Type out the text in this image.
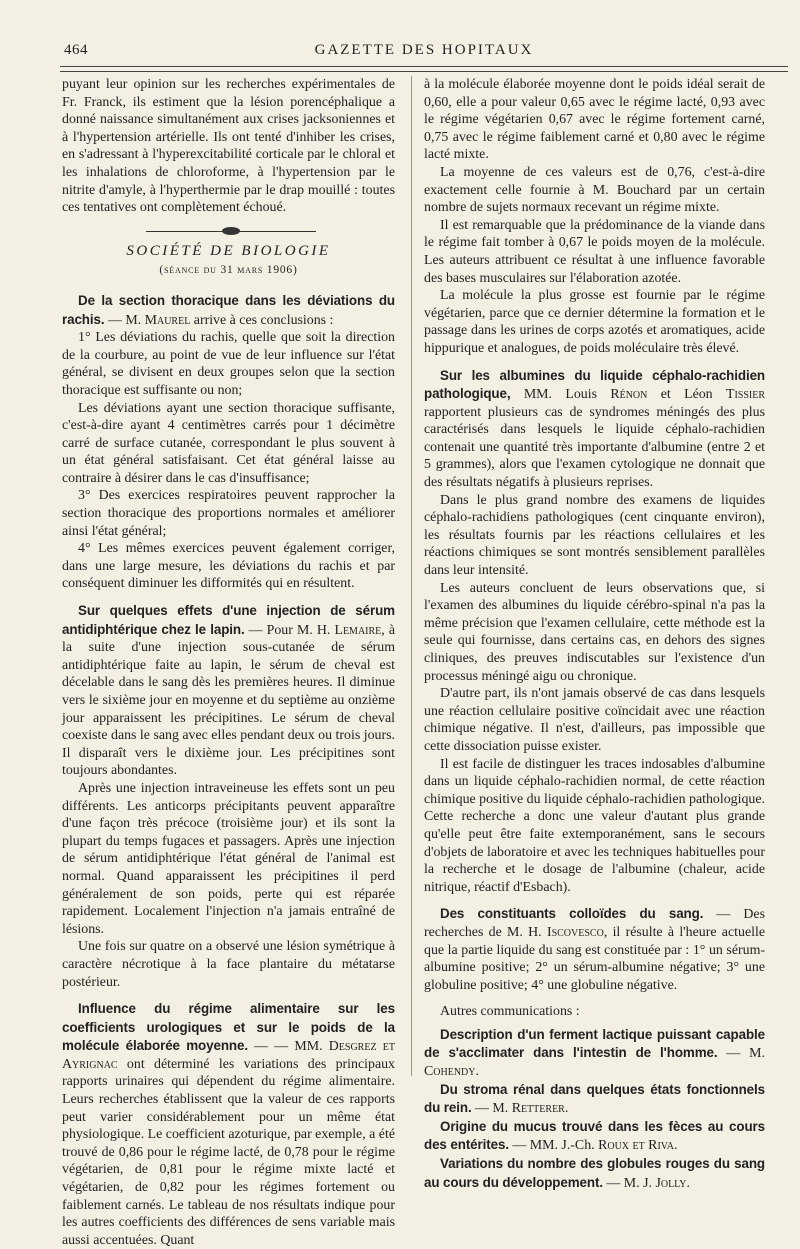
464	GAZETTE DES HOPITAUX

puyant leur opinion sur les recherches expérimentales de Fr. Franck, ils estiment que la lésion porencéphalique a donné naissance simultanément aux crises jacksoniennes et à l'hypertension artérielle. Ils ont tenté d'inhiber les crises, en s'adressant à l'hyperexcitabilité corticale par le chloral et les inhalations de chloroforme, à l'hypertension par le nitrite d'amyle, à l'hyperthermie par le drap mouillé : toutes ces tentatives ont complètement échoué.

SOCIÉTÉ DE BIOLOGIE
(séance du 31 mars 1906)

De la section thoracique dans les déviations du rachis. — M. Maurel arrive à ces conclusions :

1° Les déviations du rachis, quelle que soit la direction de la courbure, au point de vue de leur influence sur l'état général, se divisent en deux groupes selon que la section thoracique est suffisante ou non;

Les déviations ayant une section thoracique suffisante, c'est-à-dire ayant 4 centimètres carrés pour 1 décimètre carré de surface cutanée, correspondant le plus souvent à un état général satisfaisant. Cet état général laisse au contraire à désirer dans le cas d'insuffisance;

3° Des exercices respiratoires peuvent rapprocher la section thoracique des proportions normales et améliorer ainsi l'état général;

4° Les mêmes exercices peuvent également corriger, dans une large mesure, les déviations du rachis et par conséquent diminuer les difformités qui en résultent.

Sur quelques effets d'une injection de sérum antidiphtérique chez le lapin. — Pour M. H. Lemaire, à la suite d'une injection sous-cutanée de sérum antidiphtérique faite au lapin, le sérum de cheval est décelable dans le sang dès les premières heures. Il diminue vers le sixième jour en moyenne et du septième au onzième jour apparaissent les précipitines. Le sérum de cheval coexiste dans le sang avec elles pendant deux ou trois jours. Il disparaît vers le dixième jour. Les précipitines sont toujours abondantes.

Après une injection intraveineuse les effets sont un peu différents. Les anticorps précipitants peuvent apparaître d'une façon très précoce (troisième jour) et ils sont la plupart du temps fugaces et passagers. Après une injection de sérum antidiphtérique l'état général de l'animal est normal. Quand apparaissent les précipitines il perd généralement de son poids, perte qui est réparée rapidement. Localement l'injection n'a jamais entraîné de lésions.

Une fois sur quatre on a observé une lésion symétrique à caractère nécrotique à la face plantaire du métatarse postérieur.

Influence du régime alimentaire sur les coefficients urologiques et sur le poids de la molécule élaborée moyenne. — — MM. Desgrez et Ayrignac ont déterminé les variations des principaux rapports urinaires qui dépendent du régime alimentaire. Leurs recherches établissent que la valeur de ces rapports peut varier considérablement pour un même état physiologique. Le coefficient azoturique, par exemple, a été trouvé de 0,86 pour le régime lacté, de 0,78 pour le régime végétarien, de 0,81 pour le régime mixte lacté et végétarien, de 0,82 pour les régimes fortement ou faiblement carnés. Le tableau de nos résultats indique pour les autres coefficients des différences de sens variable mais aussi accentuées. Quant

à la molécule élaborée moyenne dont le poids idéal serait de 0,60, elle a pour valeur 0,65 avec le régime lacté, 0,93 avec le régime végétarien 0,67 avec le régime fortement carné, 0,75 avec le régime faiblement carné et 0,80 avec le régime lacté mixte.

La moyenne de ces valeurs est de 0,76, c'est-à-dire exactement celle fournie à M. Bouchard par un certain nombre de sujets normaux recevant un régime mixte.

Il est remarquable que la prédominance de la viande dans le régime fait tomber à 0,67 le poids moyen de la molécule. Les auteurs attribuent ce résultat à une influence favorable des bases musculaires sur l'élaboration azotée.

La molécule la plus grosse est fournie par le régime végétarien, parce que ce dernier détermine la formation et le passage dans les urines de corps azotés et aromatiques, acide hippurique et analogues, de poids moléculaire très élevé.

Sur les albumines du liquide céphalo-rachidien pathologique, MM. Louis Rénon et Léon Tissier rapportent plusieurs cas de syndromes méningés des plus caractérisés dans lesquels le liquide céphalo-rachidien contenait une quantité très importante d'albumine (entre 2 et 5 grammes), alors que l'examen cytologique ne donnait que des résultats négatifs à plusieurs reprises.

Dans le plus grand nombre des examens de liquides céphalo-rachidiens pathologiques (cent cinquante environ), les résultats fournis par les réactions cellulaires et les réactions chimiques se sont montrés sensiblement parallèles dans leur intensité.

Les auteurs concluent de leurs observations que, si l'examen des albumines du liquide cérébro-spinal n'a pas la même précision que l'examen cellulaire, cette méthode est la seule qui fournisse, dans certains cas, en dehors des signes cliniques, des preuves indiscutables sur l'existence d'un processus méningé aigu ou chronique.

D'autre part, ils n'ont jamais observé de cas dans lesquels une réaction cellulaire positive coïncidait avec une réaction chimique négative. Il n'est, d'ailleurs, pas impossible que cette dissociation puisse exister.

Il est facile de distinguer les traces indosables d'albumine dans un liquide céphalo-rachidien normal, de cette réaction chimique positive du liquide céphalo-rachidien pathologique. Cette recherche a donc une valeur d'autant plus grande qu'elle peut être faite extemporanément, sans le secours d'objets de laboratoire et avec les techniques habituelles pour la recherche et le dosage de l'albumine (chaleur, acide nitrique, réactif d'Esbach).

Des constituants colloïdes du sang. — Des recherches de M. H. Iscovesco, il résulte à l'heure actuelle que la partie liquide du sang est constituée par : 1° un sérum-albumine positive; 2° un sérum-albumine négative; 3° une globuline positive; 4° une globuline négative.

Autres communications :

Description d'un ferment lactique puissant capable de s'acclimater dans l'intestin de l'homme. — M. Cohendy.

Du stroma rénal dans quelques états fonctionnels du rein. — M. Retterer.

Origine du mucus trouvé dans les fèces au cours des entérites. — MM. J.-Ch. Roux et Riva.

Variations du nombre des globules rouges du sang au cours du développement. — M. J. Jolly.
